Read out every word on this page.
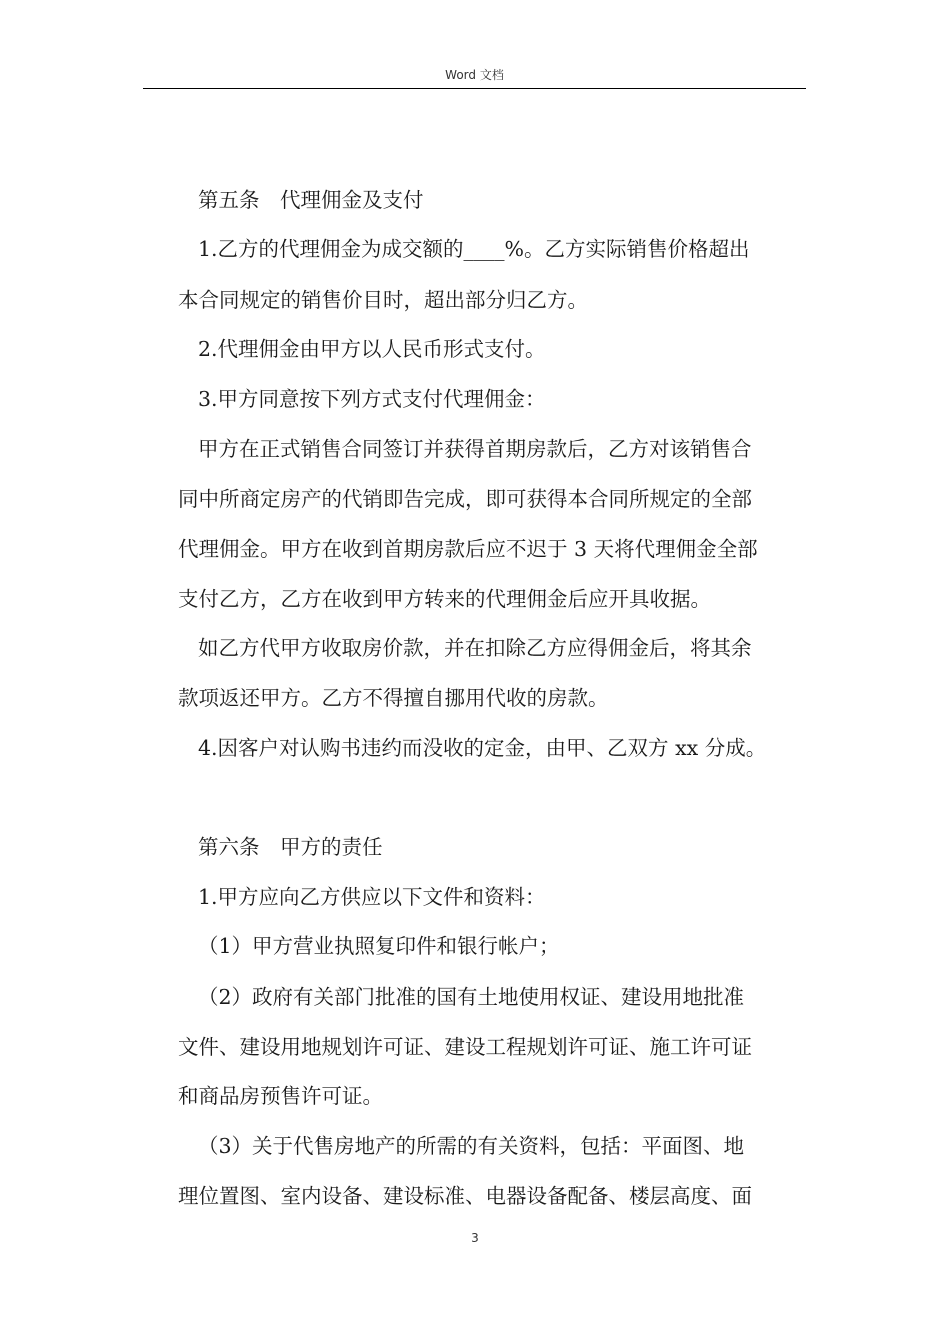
Word 文档
第五条　代理佣金及支付
1.乙方的代理佣金为成交额的____%。乙方实际销售价格超出
本合同规定的销售价目时，超出部分归乙方。
2.代理佣金由甲方以人民币形式支付。
3.甲方同意按下列方式支付代理佣金：
甲方在正式销售合同签订并获得首期房款后，乙方对该销售合
同中所商定房产的代销即告完成，即可获得本合同所规定的全部
代理佣金。甲方在收到首期房款后应不迟于 3 天将代理佣金全部
支付乙方，乙方在收到甲方转来的代理佣金后应开具收据。
如乙方代甲方收取房价款，并在扣除乙方应得佣金后，将其余
款项返还甲方。乙方不得擅自挪用代收的房款。
4.因客户对认购书违约而没收的定金，由甲、乙双方 xx 分成。
第六条　甲方的责任
1.甲方应向乙方供应以下文件和资料：
（1）甲方营业执照复印件和银行帐户；
（2）政府有关部门批准的国有土地使用权证、建设用地批准
文件、建设用地规划许可证、建设工程规划许可证、施工许可证
和商品房预售许可证。
（3）关于代售房地产的所需的有关资料，包括：平面图、地
理位置图、室内设备、建设标准、电器设备配备、楼层高度、面
3
